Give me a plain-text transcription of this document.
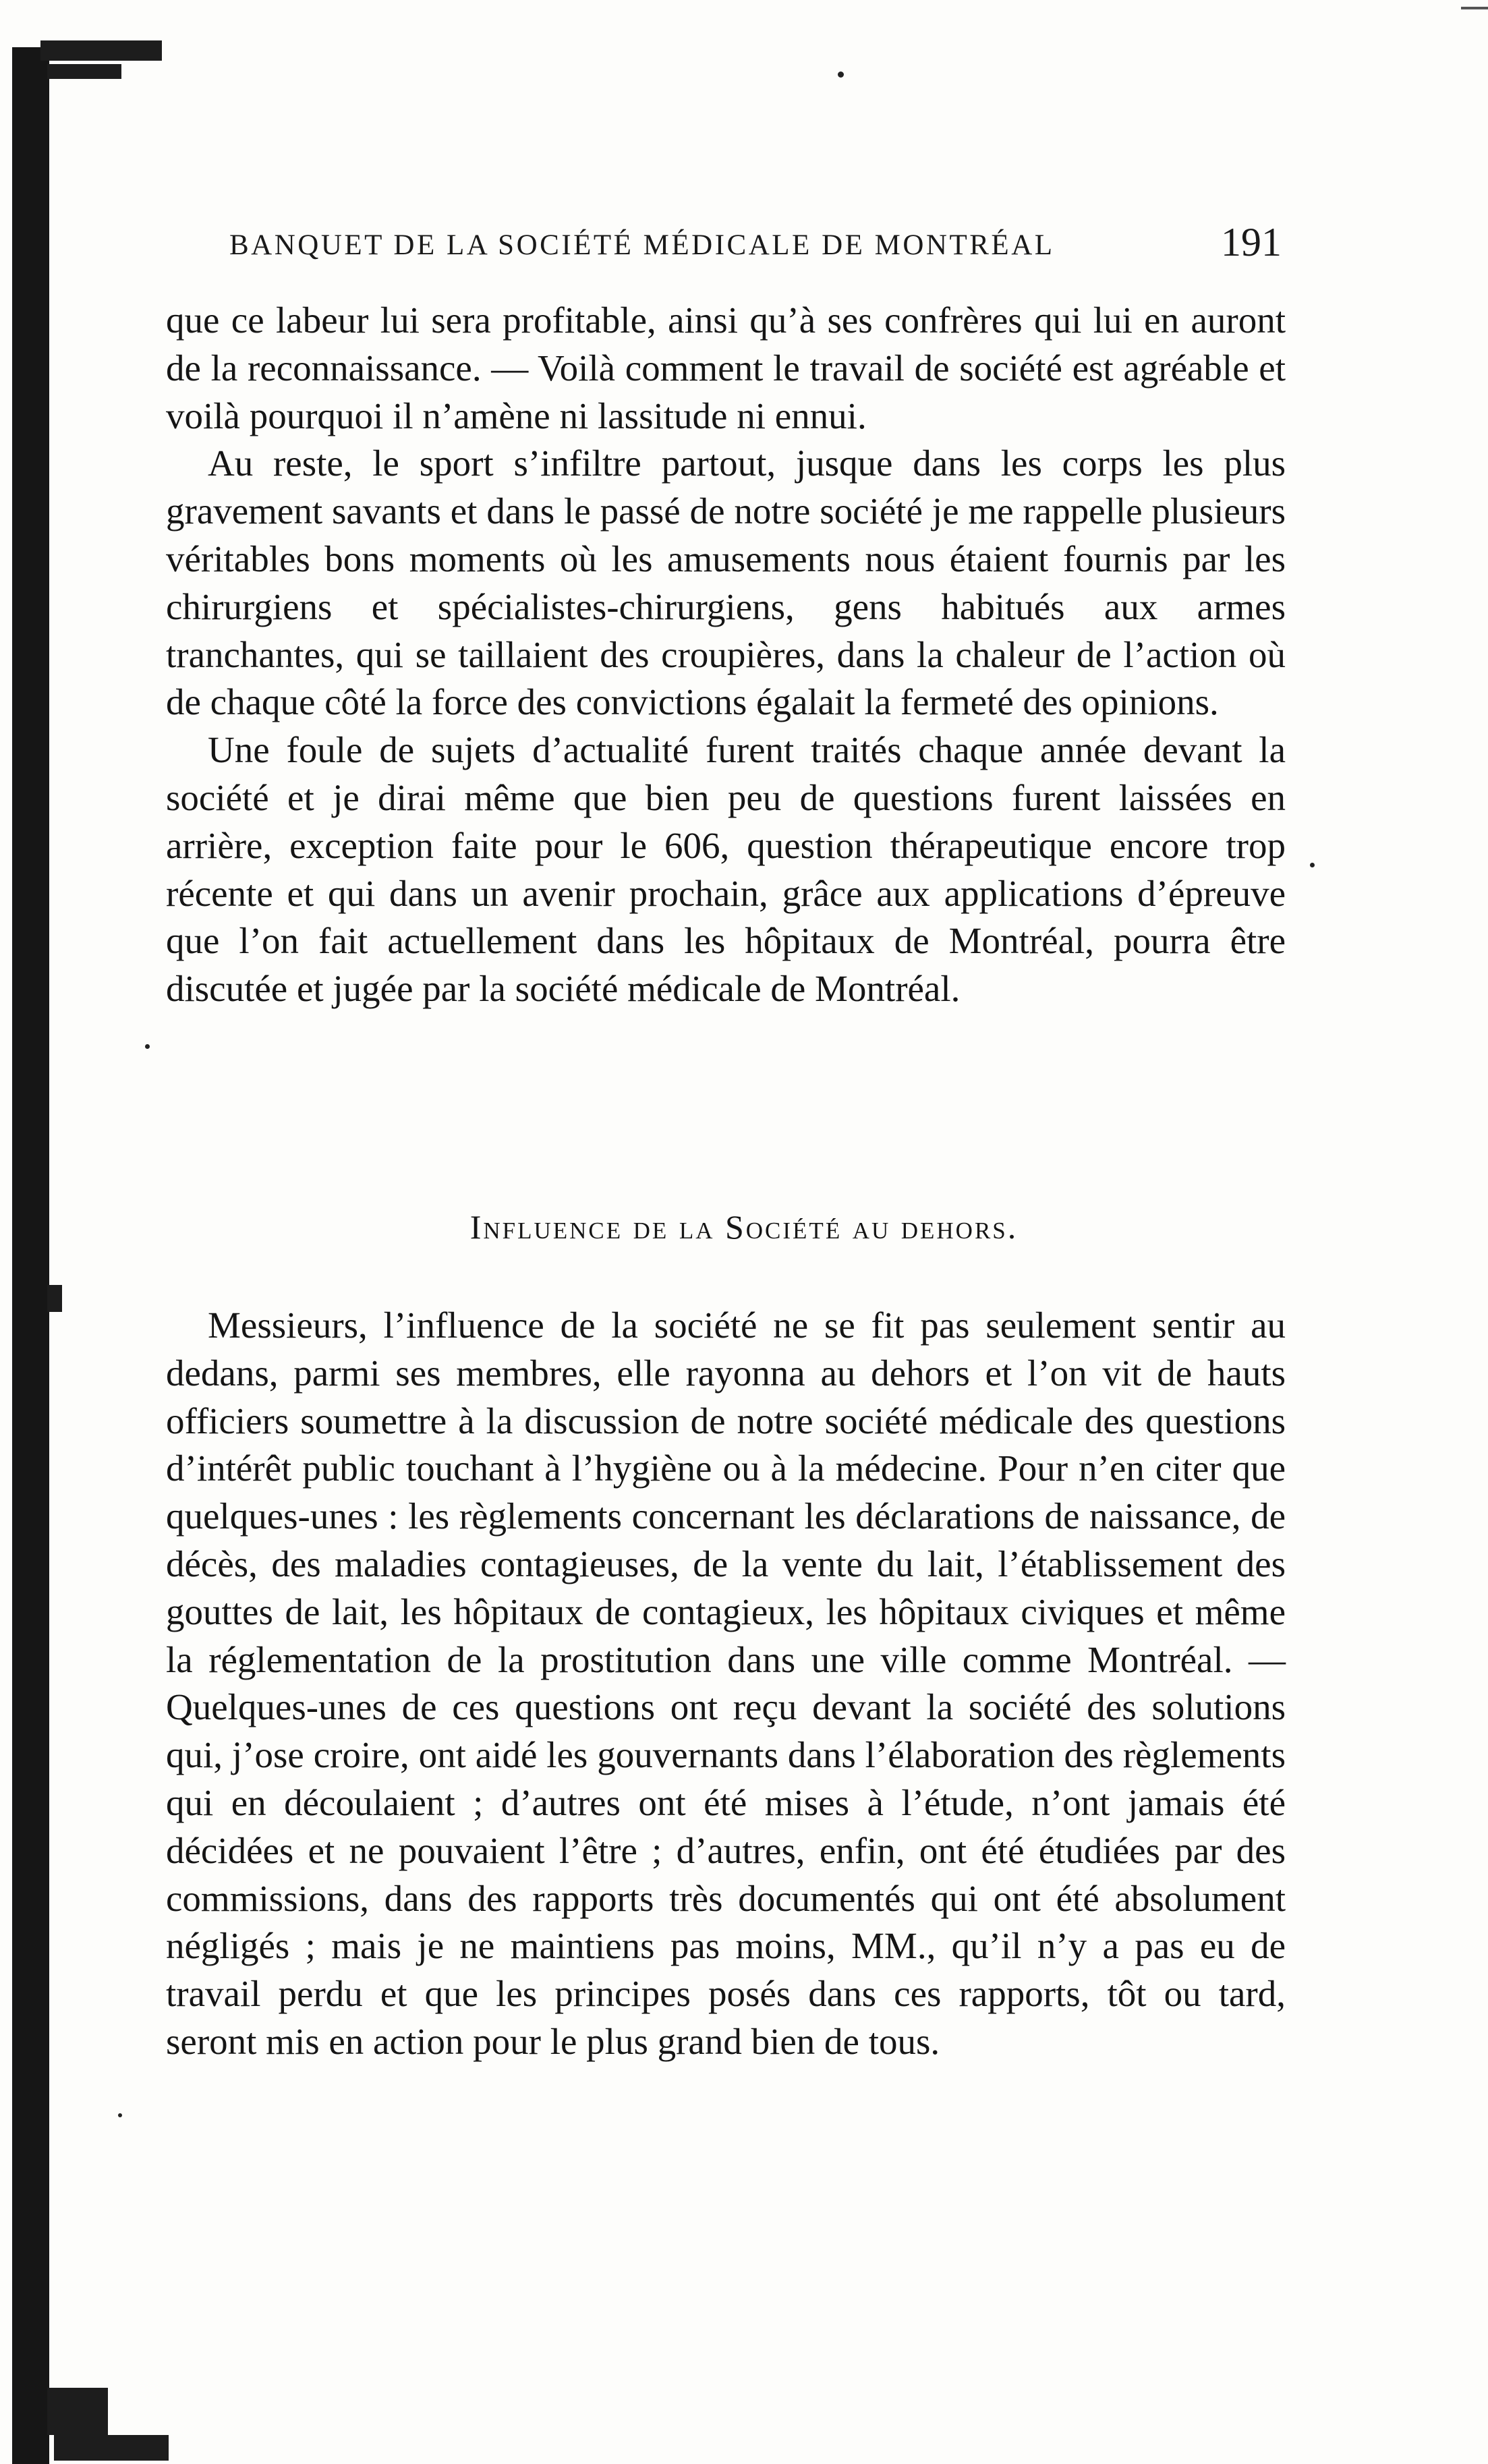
BANQUET DE LA SOCIÉTÉ MÉDICALE DE MONTRÉAL	191

que ce labeur lui sera profitable, ainsi qu’à ses confrères qui lui en auront de la reconnaissance. — Voilà comment le travail de société est agréable et voilà pourquoi il n’amène ni lassitude ni ennui.

Au reste, le sport s’infiltre partout, jusque dans les corps les plus gravement savants et dans le passé de notre société je me rappelle plusieurs véritables bons moments où les amusements nous étaient fournis par les chirurgiens et spécialistes-chirurgiens, gens habitués aux armes tranchantes, qui se taillaient des croupières, dans la chaleur de l’action où de chaque côté la force des convictions égalait la fermeté des opinions.

Une foule de sujets d’actualité furent traités chaque année devant la société et je dirai même que bien peu de questions furent laissées en arrière, exception faite pour le 606, question thérapeutique encore trop récente et qui dans un avenir prochain, grâce aux applications d’épreuve que l’on fait actuellement dans les hôpitaux de Montréal, pourra être discutée et jugée par la société médicale de Montréal.

Influence de la Société au dehors.

Messieurs, l’influence de la société ne se fit pas seulement sentir au dedans, parmi ses membres, elle rayonna au dehors et l’on vit de hauts officiers soumettre à la discussion de notre société médicale des questions d’intérêt public touchant à l’hygiène ou à la médecine. Pour n’en citer que quelques-unes : les règlements concernant les déclarations de naissance, de décès, des maladies contagieuses, de la vente du lait, l’établissement des gouttes de lait, les hôpitaux de contagieux, les hôpitaux civiques et même la réglementation de la prostitution dans une ville comme Montréal. — Quelques-unes de ces questions ont reçu devant la société des solutions qui, j’ose croire, ont aidé les gouvernants dans l’élaboration des règlements qui en découlaient ; d’autres ont été mises à l’étude, n’ont jamais été décidées et ne pouvaient l’être ; d’autres, enfin, ont été étudiées par des commissions, dans des rapports très documentés qui ont été absolument négligés ; mais je ne maintiens pas moins, MM., qu’il n’y a pas eu de travail perdu et que les principes posés dans ces rapports, tôt ou tard, seront mis en action pour le plus grand bien de tous.
